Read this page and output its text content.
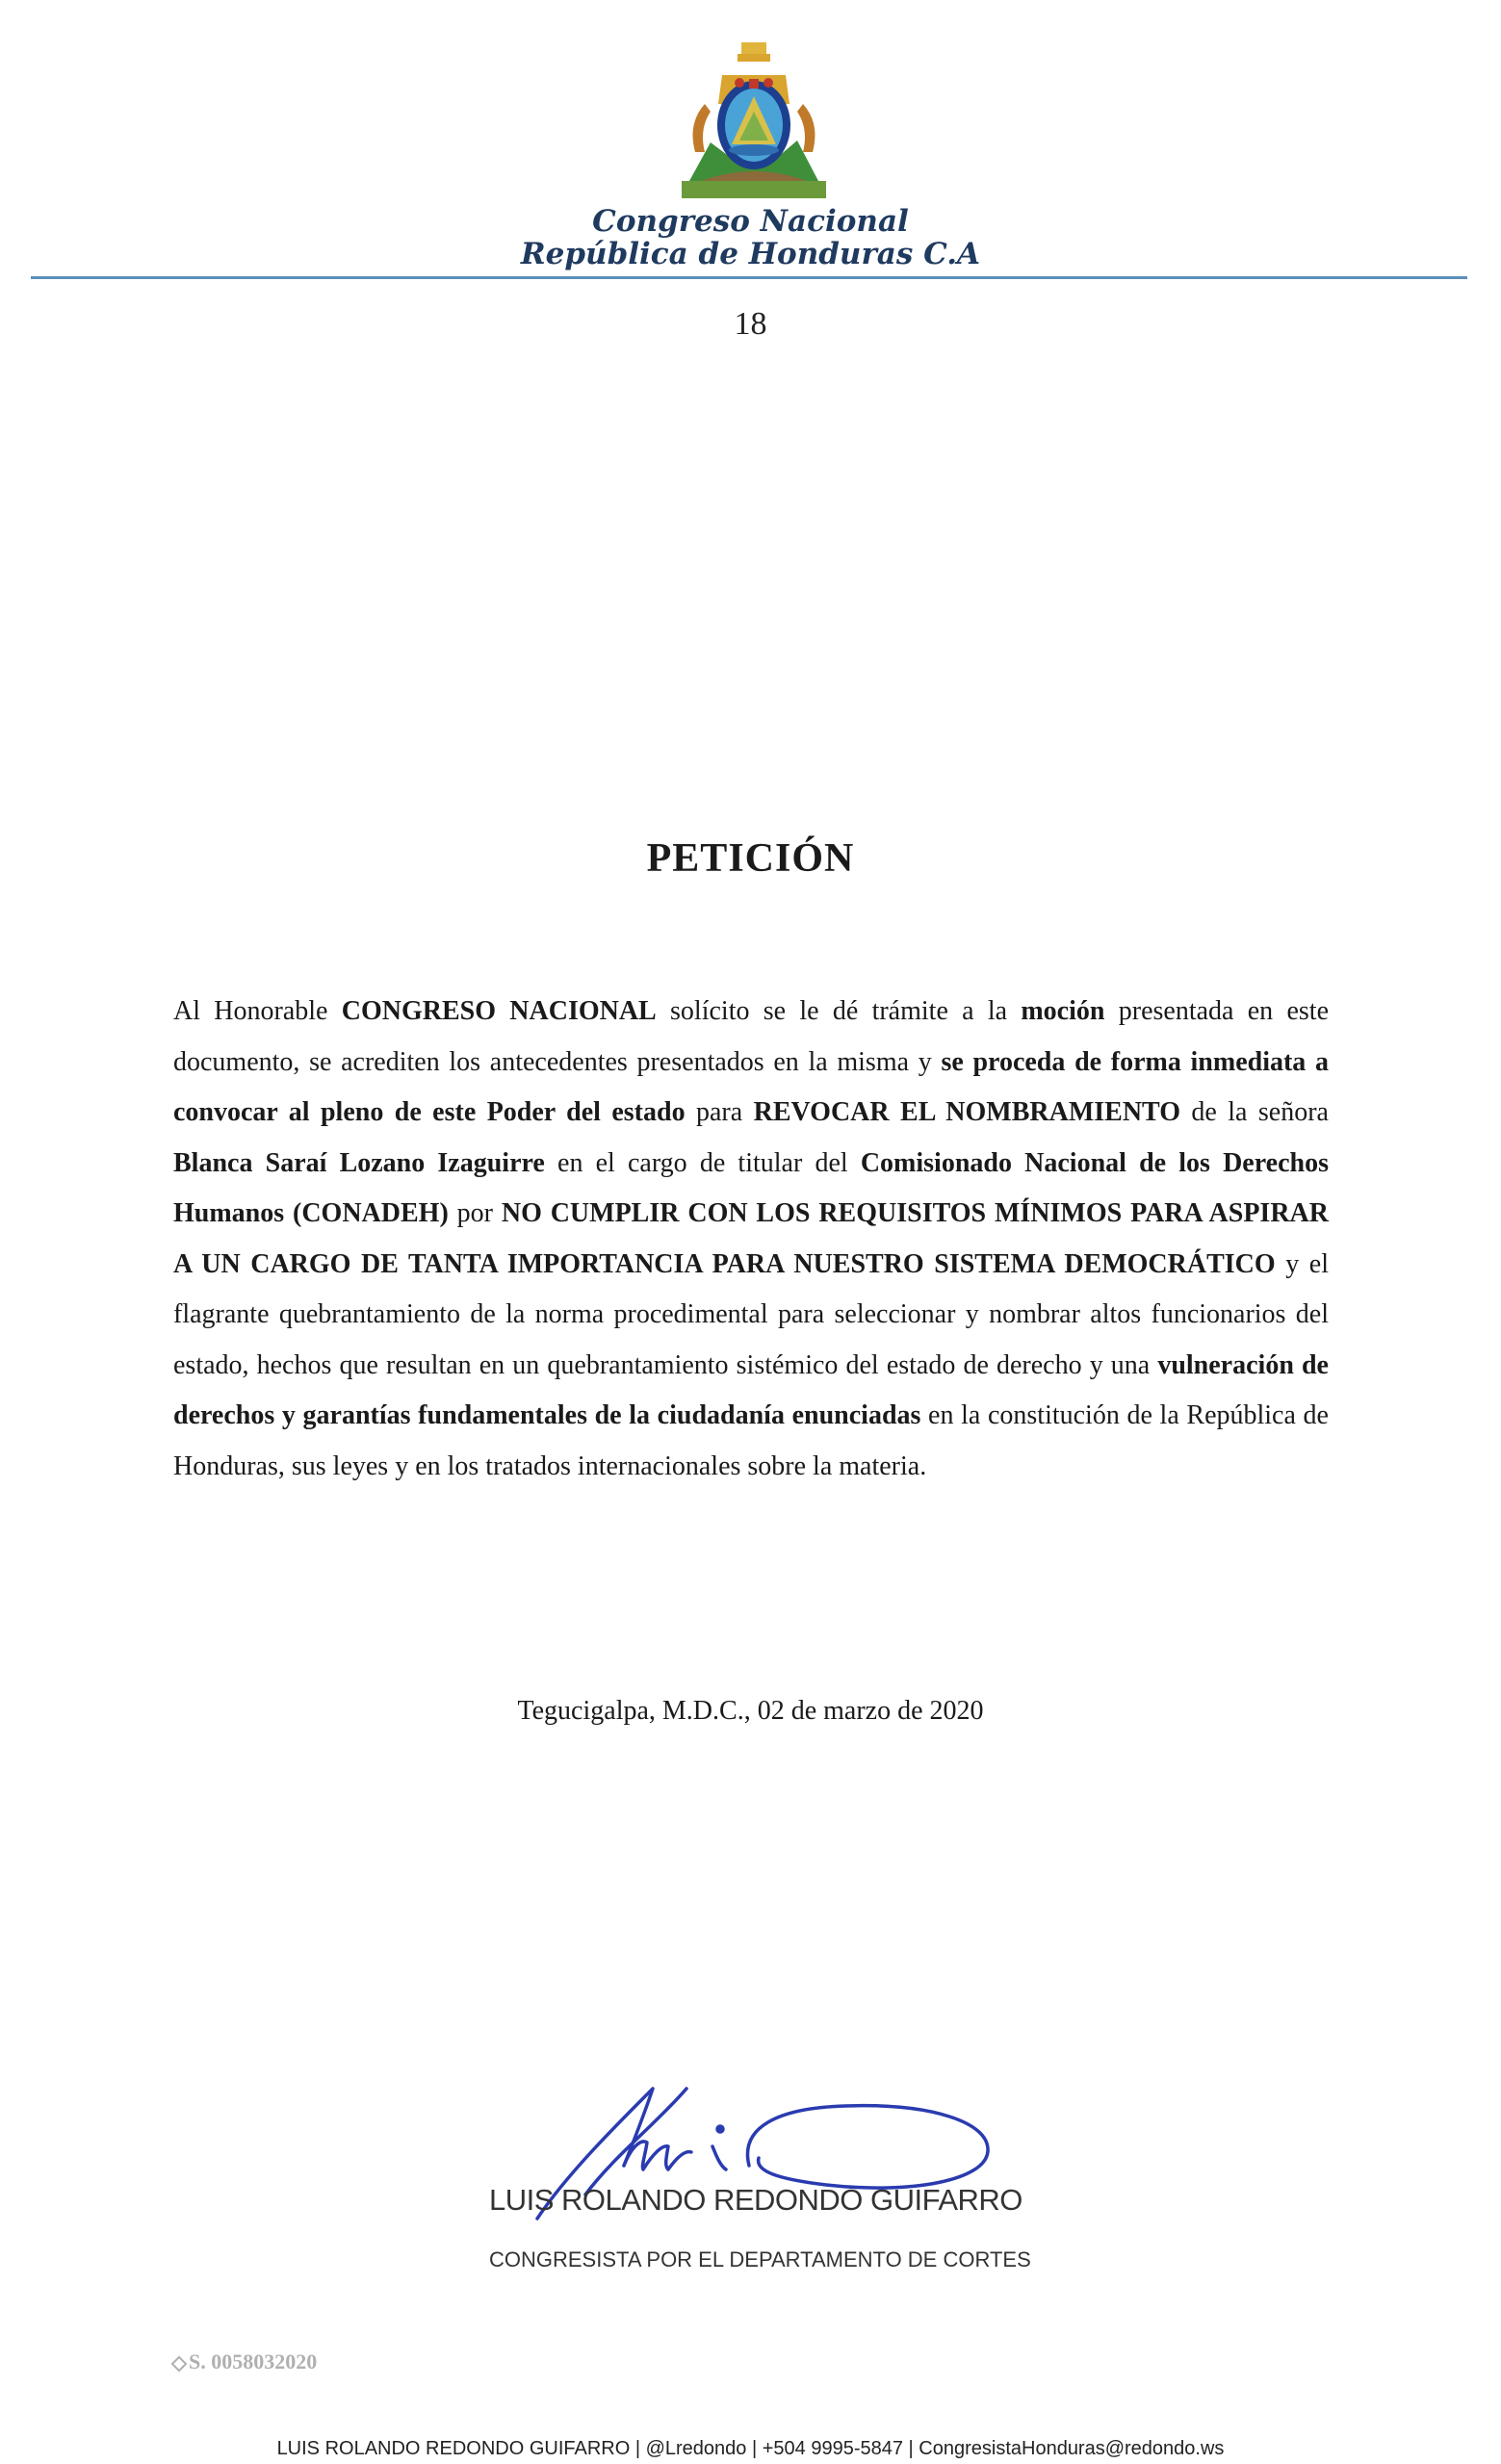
Congreso Nacional
República de Honduras C.A
18
PETICIÓN
Al Honorable CONGRESO NACIONAL solícito se le dé trámite a la moción presentada en este documento, se acrediten los antecedentes presentados en la misma y se proceda de forma inmediata a convocar al pleno de este Poder del estado para REVOCAR EL NOMBRAMIENTO de la señora Blanca Saraí Lozano Izaguirre en el cargo de titular del Comisionado Nacional de los Derechos Humanos (CONADEH) por NO CUMPLIR CON LOS REQUISITOS MÍNIMOS PARA ASPIRAR A UN CARGO DE TANTA IMPORTANCIA PARA NUESTRO SISTEMA DEMOCRÁTICO y el flagrante quebrantamiento de la norma procedimental para seleccionar y nombrar altos funcionarios del estado, hechos que resultan en un quebrantamiento sistémico del estado de derecho y una vulneración de derechos y garantías fundamentales de la ciudadanía enunciadas en la constitución de la República de Honduras, sus leyes y en los tratados internacionales sobre la materia.
Tegucigalpa, M.D.C., 02 de marzo de 2020
LUIS ROLANDO REDONDO GUIFARRO
CONGRESISTA POR EL DEPARTAMENTO DE CORTES
S. 0058032020
LUIS ROLANDO REDONDO GUIFARRO | @Lredondo | +504 9995-5847 | CongresistaHonduras@redondo.ws
